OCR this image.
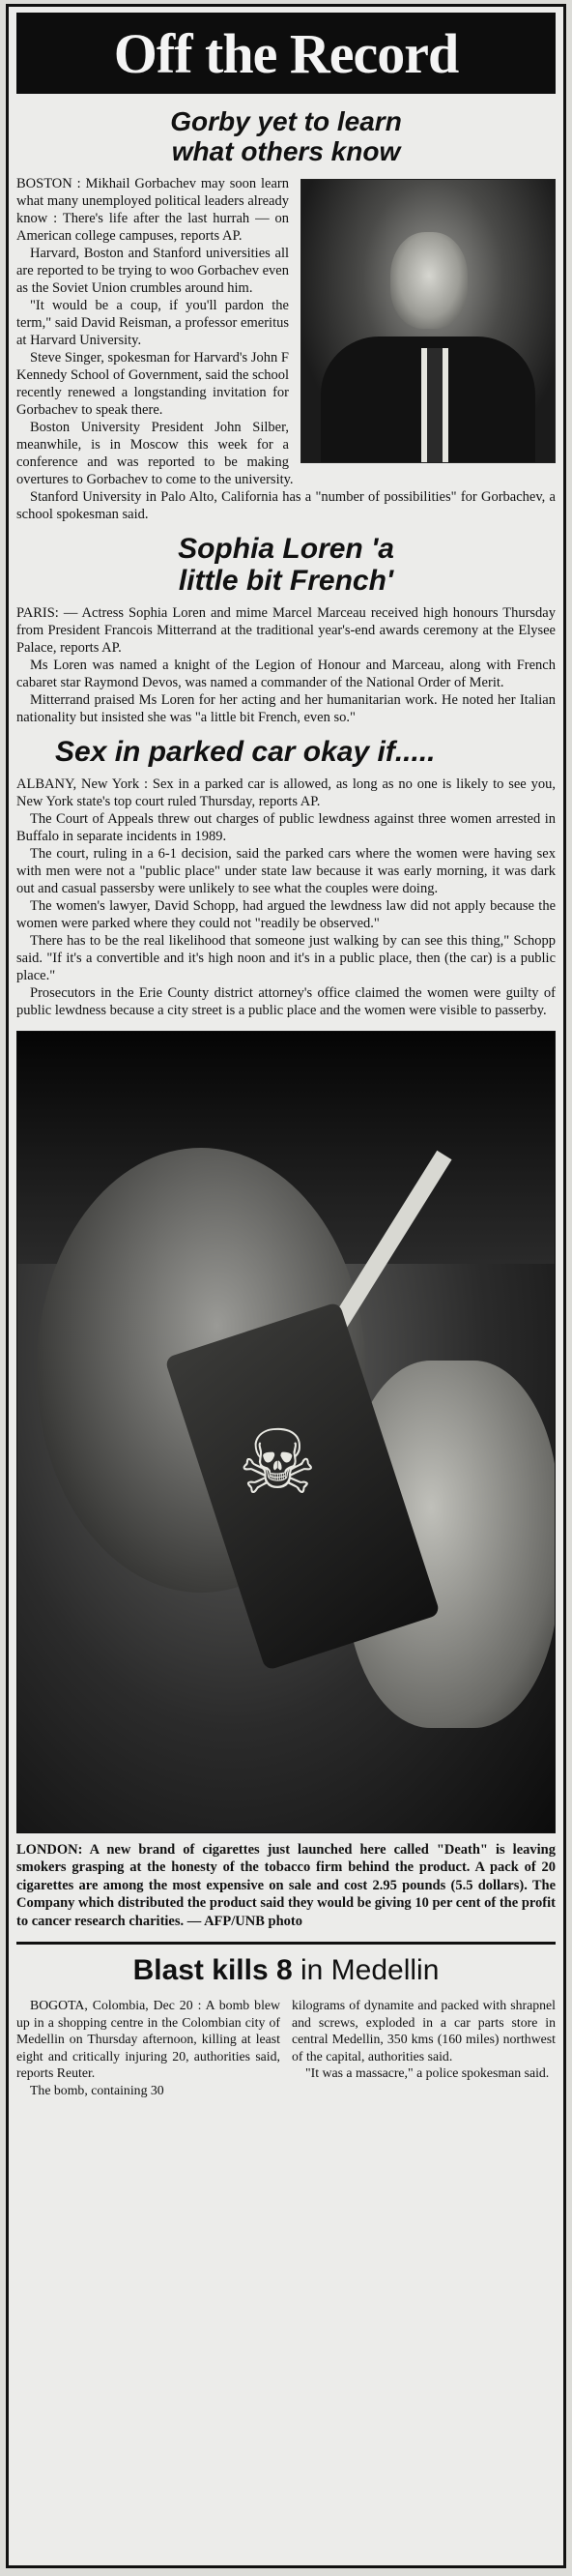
Off the Record
Gorby yet to learn
what others know

BOSTON : Mikhail Gorbachev may soon learn what many unemployed political leaders already know : There's life after the last hurrah — on American college campuses, reports AP.

Harvard, Boston and Stanford universities all are reported to be trying to woo Gorbachev even as the Soviet Union crumbles around him.

"It would be a coup, if you'll pardon the term," said David Reisman, a professor emeritus at Harvard University.

Steve Singer, spokesman for Harvard's John F Kennedy School of Government, said the school recently renewed a longstanding invitation for Gorbachev to speak there.

Boston University President John Silber, meanwhile, is in Moscow this week for a conference and was reported to be making overtures to Gorbachev to come to the university.

Stanford University in Palo Alto, California has a "number of possibilities" for Gorbachev, a school spokesman said.

Sophia Loren 'a
little bit French'

PARIS: — Actress Sophia Loren and mime Marcel Marceau received high honours Thursday from President Francois Mitterrand at the traditional year's-end awards ceremony at the Elysee Palace, reports AP.

Ms Loren was named a knight of the Legion of Honour and Marceau, along with French cabaret star Raymond Devos, was named a commander of the National Order of Merit.

Mitterrand praised Ms Loren for her acting and her humanitarian work. He noted her Italian nationality but insisted she was "a little bit French, even so."

Sex in parked car okay if.....

ALBANY, New York : Sex in a parked car is allowed, as long as no one is likely to see you, New York state's top court ruled Thursday, reports AP.

The Court of Appeals threw out charges of public lewdness against three women arrested in Buffalo in separate incidents in 1989.

The court, ruling in a 6-1 decision, said the parked cars where the women were having sex with men were not a "public place" under state law because it was early morning, it was dark out and casual passersby were unlikely to see what the couples were doing.

The women's lawyer, David Schopp, had argued the lewdness law did not apply because the women were parked where they could not "readily be observed."

There has to be the real likelihood that someone just walking by can see this thing," Schopp said. "If it's a convertible and it's high noon and it's in a public place, then (the car) is a public place."

Prosecutors in the Erie County district attorney's office claimed the women were guilty of public lewdness because a city street is a public place and the women were visible to passerby.

☠

LONDON: A new brand of cigarettes just launched here called "Death" is leaving smokers grasping at the honesty of the tobacco firm behind the product. A pack of 20 cigarettes are among the most expensive on sale and cost 2.95 pounds (5.5 dollars). The Company which distributed the product said they would be giving 10 per cent of the profit to cancer research charities. — AFP/UNB photo

Blast kills 8 in Medellin

BOGOTA, Colombia, Dec 20 : A bomb blew up in a shopping centre in the Colombian city of Medellin on Thursday afternoon, killing at least eight and critically injuring 20, authorities said, reports Reuter.

The bomb, containing 30

kilograms of dynamite and packed with shrapnel and screws, exploded in a car parts store in central Medellin, 350 kms (160 miles) northwest of the capital, authorities said.

"It was a massacre," a police spokesman said.
